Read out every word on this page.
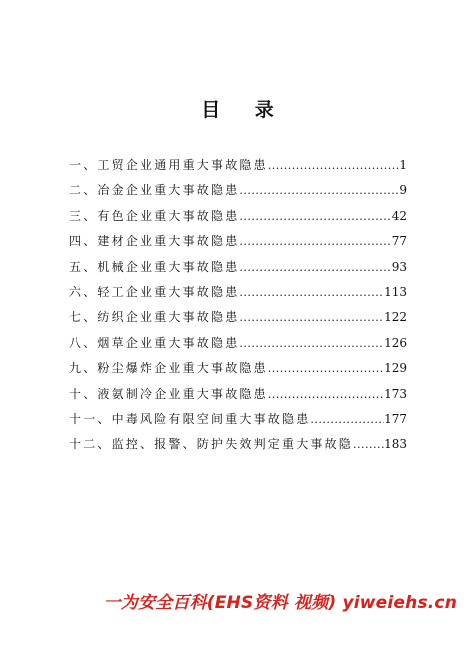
目 录
一、工贸企业通用重大事故隐患 .....	1
二、冶金企业重大事故隐患 .....	9
三、有色企业重大事故隐患 .....	42
四、建材企业重大事故隐患 .....	77
五、机械企业重大事故隐患 .....	93
六、轻工企业重大事故隐患 .....	113
七、纺织企业重大事故隐患 .....	122
八、烟草企业重大事故隐患 .....	126
九、粉尘爆炸企业重大事故隐患 .....	129
十、液氨制冷企业重大事故隐患 .....	173
十一、中毒风险有限空间重大事故隐患 .....	177
十二、监控、报警、防护失效判定重大事故隐 .....	183
一为安全百科(EHS资料 视频) yiweiehs.cn
